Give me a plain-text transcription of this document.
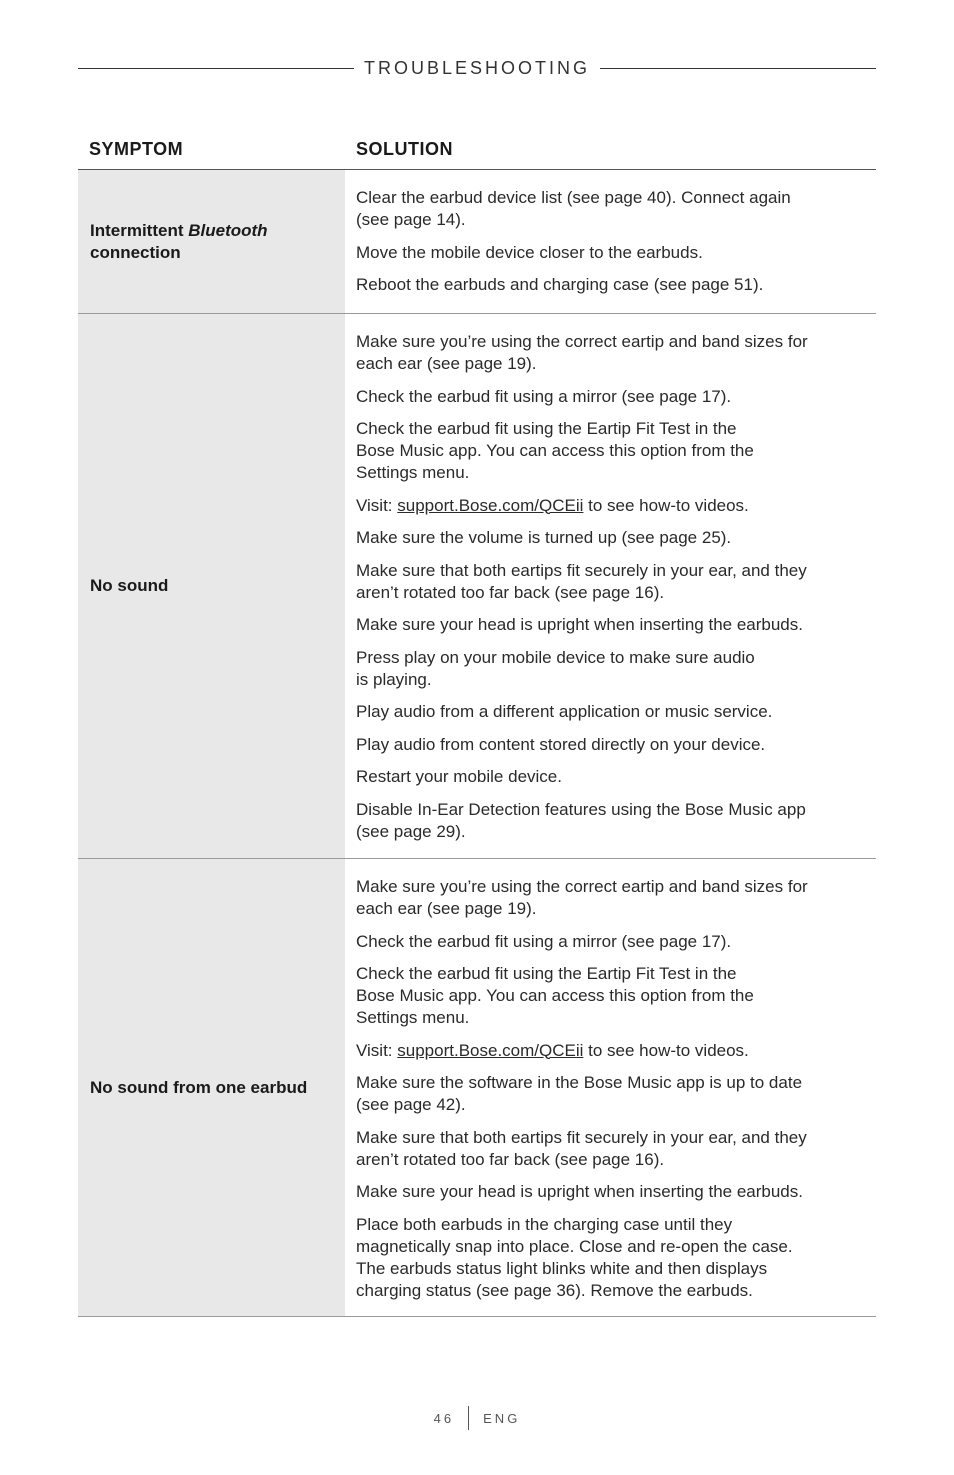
TROUBLESHOOTING
SYMPTOM	SOLUTION
Intermittent Bluetooth
connection
Clear the earbud device list (see page 40). Connect again
(see page 14).
Move the mobile device closer to the earbuds.
Reboot the earbuds and charging case (see page 51).
No sound
Make sure you’re using the correct eartip and band sizes for
each ear (see page 19).
Check the earbud fit using a mirror (see page 17).
Check the earbud fit using the Eartip Fit Test in the
Bose Music app. You can access this option from the
Settings menu.
Visit: support.Bose.com/QCEii to see how-to videos.
Make sure the volume is turned up (see page 25).
Make sure that both eartips fit securely in your ear, and they
aren’t rotated too far back (see page 16).
Make sure your head is upright when inserting the earbuds.
Press play on your mobile device to make sure audio
is playing.
Play audio from a different application or music service.
Play audio from content stored directly on your device.
Restart your mobile device.
Disable In-Ear Detection features using the Bose Music app
(see page 29).
No sound from one earbud
Make sure you’re using the correct eartip and band sizes for
each ear (see page 19).
Check the earbud fit using a mirror (see page 17).
Check the earbud fit using the Eartip Fit Test in the
Bose Music app. You can access this option from the
Settings menu.
Visit: support.Bose.com/QCEii to see how-to videos.
Make sure the software in the Bose Music app is up to date
(see page 42).
Make sure that both eartips fit securely in your ear, and they
aren’t rotated too far back (see page 16).
Make sure your head is upright when inserting the earbuds.
Place both earbuds in the charging case until they
magnetically snap into place. Close and re-open the case.
The earbuds status light blinks white and then displays
charging status (see page 36). Remove the earbuds.
46 ENG
